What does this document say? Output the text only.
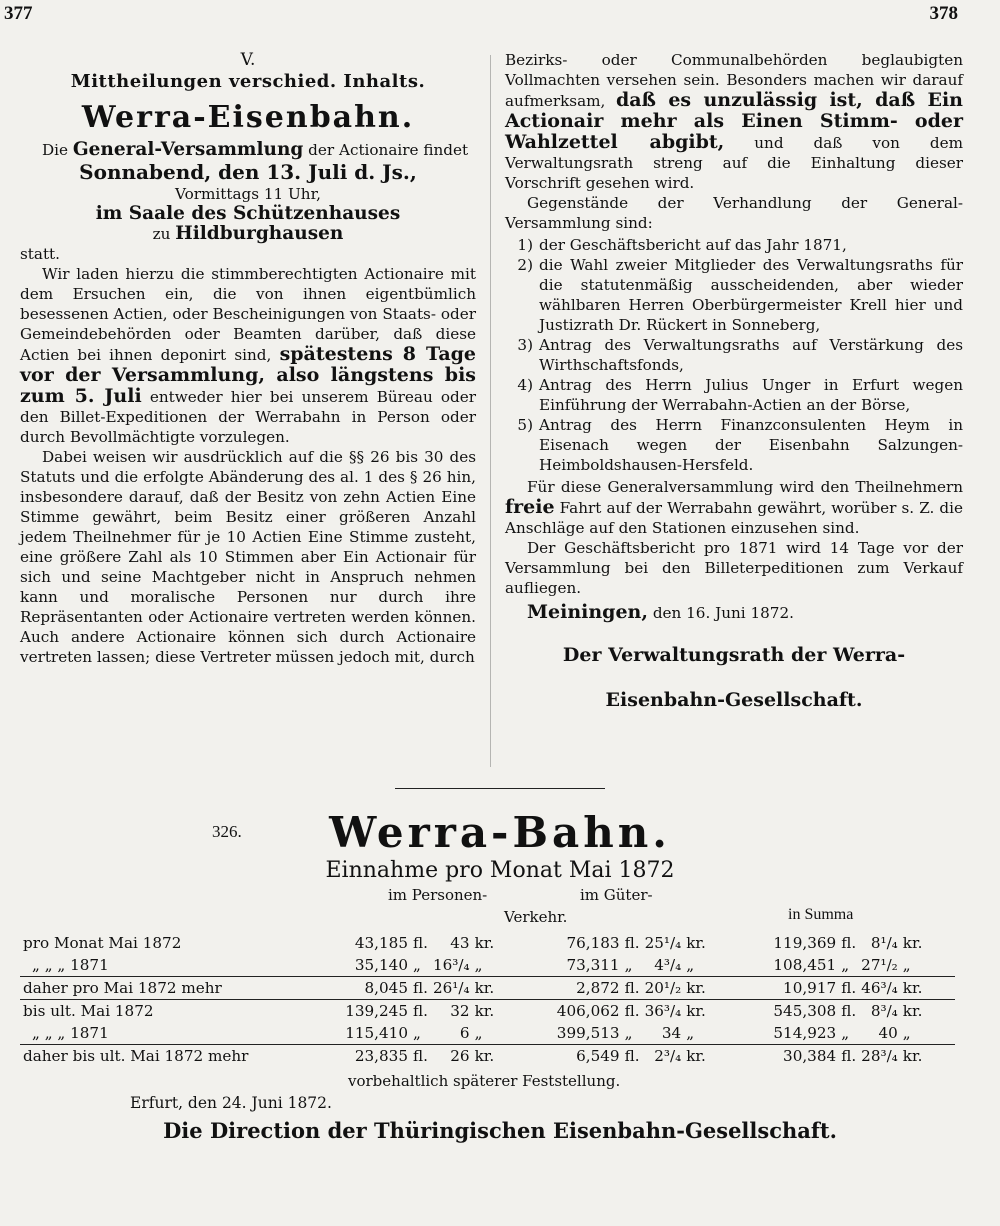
377	378

V.

Mittheilungen verschied. Inhalts.

Werra-Eisenbahn.

Die General-Versammlung der Actionaire findet

Sonnabend, den 13. Juli d. Js.,

Vormittags 11 Uhr,

im Saale des Schützenhauses

zu Hildburghausen

statt.

Wir laden hierzu die stimmberechtigten Actionaire mit dem Ersuchen ein, die von ihnen eigentbümlich besessenen Actien, oder Bescheinigungen von Staats- oder Gemeindebehörden oder Beamten darüber, daß diese Actien bei ihnen deponirt sind, spätestens 8 Tage vor der Versammlung, also längstens bis zum 5. Juli entweder hier bei unserem Büreau oder den Billet-Expeditionen der Werrabahn in Person oder durch Bevollmächtigte vorzulegen.

Dabei weisen wir ausdrücklich auf die §§ 26 bis 30 des Statuts und die erfolgte Abänderung des al. 1 des § 26 hin, insbesondere darauf, daß der Besitz von zehn Actien Eine Stimme gewährt, beim Besitz einer größeren Anzahl jedem Theilnehmer für je 10 Actien Eine Stimme zusteht, eine größere Zahl als 10 Stimmen aber Ein Actionair für sich und seine Machtgeber nicht in Anspruch nehmen kann und moralische Personen nur durch ihre Repräsentanten oder Actionaire vertreten werden können. Auch andere Actionaire können sich durch Actionaire vertreten lassen; diese Vertreter müssen jedoch mit, durch

Bezirks- oder Communalbehörden beglaubigten Vollmachten versehen sein. Besonders machen wir darauf aufmerksam, daß es unzulässig ist, daß Ein Actionair mehr als Einen Stimm- oder Wahlzettel abgibt, und daß von dem Verwaltungsrath streng auf die Einhaltung dieser Vorschrift gesehen wird.

Gegenstände der Verhandlung der General-Versammlung sind:

1) der Geschäftsbericht auf das Jahr 1871,
2) die Wahl zweier Mitglieder des Verwaltungsraths für die statutenmäßig ausscheidenden, aber wieder wählbaren Herren Oberbürgermeister Krell hier und Justizrath Dr. Rückert in Sonneberg,
3) Antrag des Verwaltungsraths auf Verstärkung des Wirthschaftsfonds,
4) Antrag des Herrn Julius Unger in Erfurt wegen Einführung der Werrabahn-Actien an der Börse,
5) Antrag des Herrn Finanzconsulenten Heym in Eisenach wegen der Eisenbahn Salzungen-Heimboldshausen-Hersfeld.

Für diese Generalversammlung wird den Theilnehmern freie Fahrt auf der Werrabahn gewährt, worüber s. Z. die Anschläge auf den Stationen einzusehen sind.

Der Geschäftsbericht pro 1871 wird 14 Tage vor der Versammlung bei den Billeterpeditionen zum Verkauf aufliegen.

Meiningen, den 16. Juni 1872.

Der Verwaltungsrath der Werra-

Eisenbahn-Gesellschaft.

326.	Werra-Bahn.
Einnahme pro Monat Mai 1872
im Personen-	im Güter-
Verkehr.	in Summa
pro Monat Mai 1872	43,185	fl.	43	kr.	76,183	fl.	25¹/₄	kr.	119,369	fl.	8¹/₄	kr.
„ „ „ 1871	35,140	„	16³/₄	„	73,311	„	4³/₄	„	108,451	„	27¹/₂	„
daher pro Mai 1872 mehr	8,045	fl.	26¹/₄	kr.	2,872	fl.	20¹/₂	kr.	10,917	fl.	46³/₄	kr.
bis ult. Mai 1872	139,245	fl.	32	kr.	406,062	fl.	36³/₄	kr.	545,308	fl.	8³/₄	kr.
„ „ „ 1871	115,410	„	6	„	399,513	„	34	„	514,923	„	40	„
daher bis ult. Mai 1872 mehr	23,835	fl.	26	kr.	6,549	fl.	2³/₄	kr.	30,384	fl.	28³/₄	kr.
vorbehaltlich späterer Feststellung.
Erfurt, den 24. Juni 1872.
Die Direction der Thüringischen Eisenbahn-Gesellschaft.
